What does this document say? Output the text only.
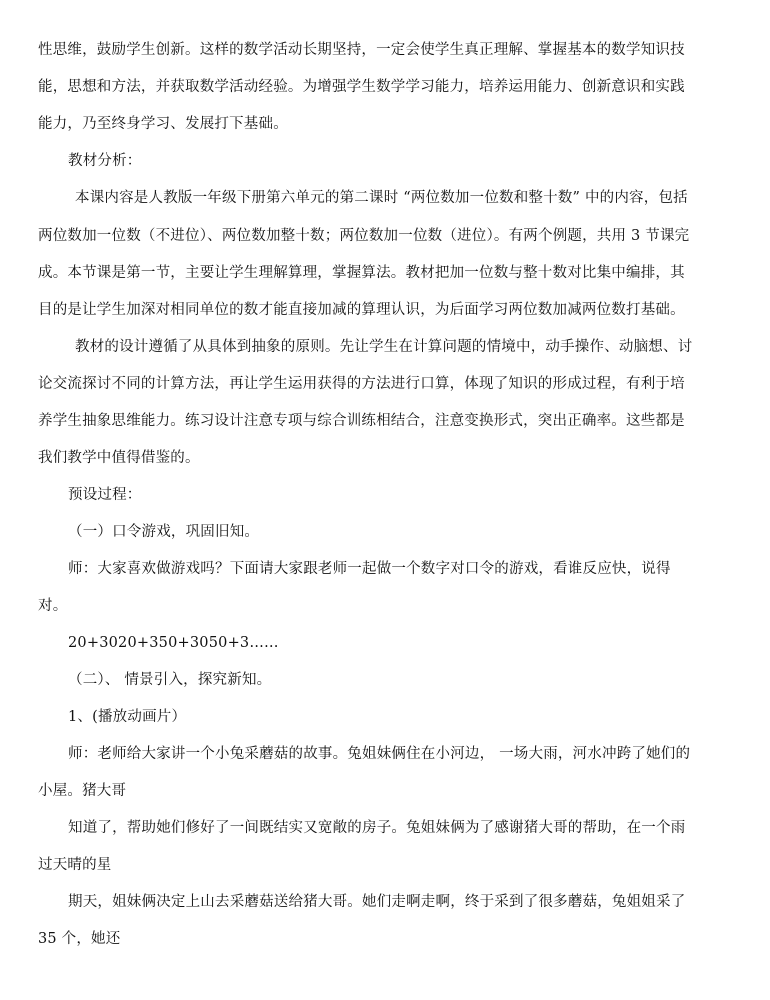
性思维，鼓励学生创新。这样的数学活动长期坚持，一定会使学生真正理解、掌握基本的数学知识技
能，思想和方法，并获取数学活动经验。为增强学生数学学习能力，培养运用能力、创新意识和实践
能力，乃至终身学习、发展打下基础。
教材分析：
本课内容是人教版一年级下册第六单元的第二课时 “两位数加一位数和整十数” 中的内容，包括
两位数加一位数（不进位）、两位数加整十数；两位数加一位数（进位）。有两个例题，共用 3 节课完
成。本节课是第一节，主要让学生理解算理，掌握算法。教材把加一位数与整十数对比集中编排，其
目的是让学生加深对相同单位的数才能直接加减的算理认识，为后面学习两位数加减两位数打基础。
教材的设计遵循了从具体到抽象的原则。先让学生在计算问题的情境中，动手操作、动脑想、讨
论交流探讨不同的计算方法，再让学生运用获得的方法进行口算，体现了知识的形成过程，有利于培
养学生抽象思维能力。练习设计注意专项与综合训练相结合，注意变换形式，突出正确率。这些都是
我们教学中值得借鉴的。
预设过程：
（一）口令游戏，巩固旧知。
师：大家喜欢做游戏吗？下面请大家跟老师一起做一个数字对口令的游戏，看谁反应快，说得
对。
20+3020+350+3050+3……
（二）、 情景引入，探究新知。
1、(播放动画片）
师：老师给大家讲一个小兔采蘑菇的故事。兔姐妹俩住在小河边， 一场大雨，河水冲跨了她们的
小屋。猪大哥
知道了，帮助她们修好了一间既结实又宽敞的房子。兔姐妹俩为了感谢猪大哥的帮助，在一个雨
过天晴的星
期天，姐妹俩决定上山去采蘑菇送给猪大哥。她们走啊走啊，终于采到了很多蘑菇，兔姐姐采了
35 个，她还
